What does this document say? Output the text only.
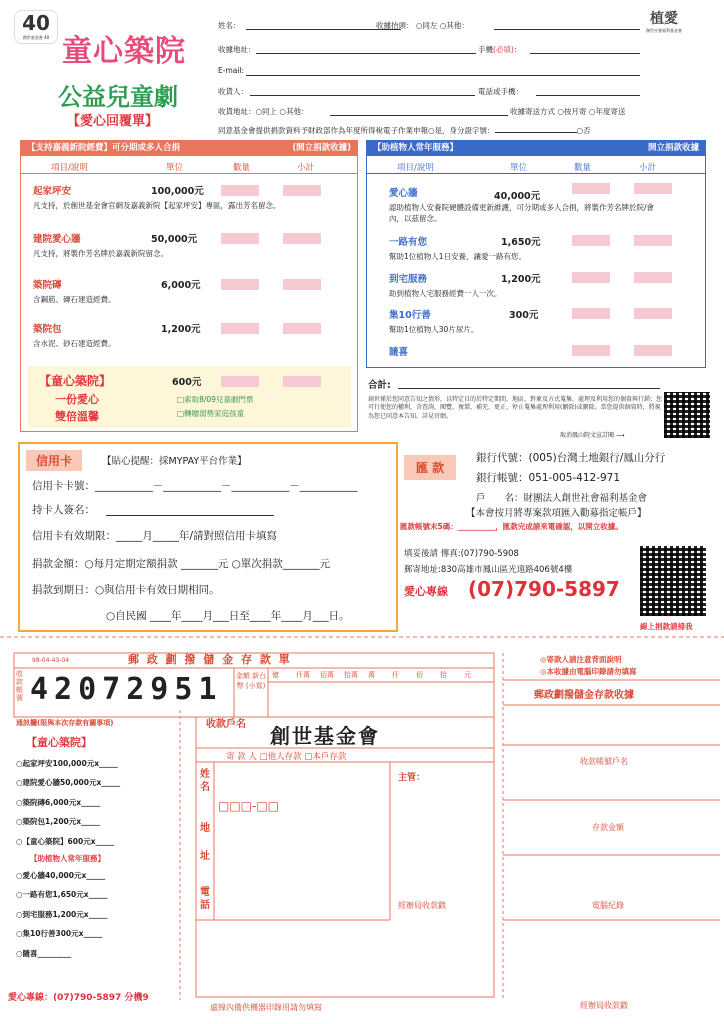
40
創世基金會 40 童心築院
公益兒童劇
【愛心回覆單】
姓名：	收據抬頭： ○同左 ○其他：
收據地址：	手機(必填)：
E-mail:
收貨人：	電話或手機：
收貨地址：○同上 ○其他：	收據寄送方式 ○按月寄 ○年度寄送
同意基金會提供捐款資料予財政部作為年度所得稅電子作業申報○是，身分證字號：	○否
植愛
創世社會福利基金會
【支持嘉義新院經費】可分期或多人合捐	(開立捐款收據)
項目/說明	單位	數量	小計
起家坪安	100,000元
凡支持，於創世基金會官網及嘉義新院【起家坪安】專區，露出芳名留念。
建院愛心牆	50,000元
凡支持，將製作芳名牌於嘉義新院留念。
築院磚	6,000元
含鋼筋、磚石建造經費。
築院包	1,200元
含水泥、砂石建造經費。
【童心築院】	600元
一份愛心
雙倍溫馨
□索取8/09兒童劇門票
□轉贈弱勢家庭孩童
【助植物人常年服務】	開立捐款收據
項目/說明	單位	數量	小計
愛心牆	40,000元
認助植物人安養院硬體設備更新維護，可分期或多人合捐，將製作芳名牌於院/會內，以茲留念。
一路有您	1,650元
幫助1位植物人1日安養，讓愛一路有您。
到宅服務	1,200元
助到植物人宅服務經費一人一次。
集10行善	300元
幫助1位植物人30片尿片。
隨喜
合計:
創世僅於您同意告知之情形，以特定目的於特定期間、地區、對象及方式蒐集、處理及利用您的個資與行銷；您可行使您的權利，含查詢、閱覽、複製、補充、更正、停止蒐集處理利用(刪除)或刪除。當您提供個資時，將視為您已同意本告知。詳見官網。
取消鳳山院文宣訂閱 ⟶
信用卡	【貼心提醒：採MYPAY平台作業】
信用卡卡號：___________－___________－___________－___________
持卡人簽名：
信用卡有效期限：_____月_____年/請對照信用卡填寫
捐款金額：○每月定期定額捐款 _______元 ○單次捐款_______元
捐款到期日：○與信用卡有效日期相同。
○自民國 ____年____月___日至____年____月___日。
匯 款
銀行代號：(005)台灣土地銀行/鳳山分行
銀行帳號：051-005-412-971
戶　　名：財團法人創世社會福利基金會
【本會按月將專案款項匯入勸募指定帳戶】
匯款帳號末5碼：__________，匯款完成請來電確認，以開立收據。
填妥後請 傳真:(07)790-5908
郵寄地址:830高雄市鳳山區光遠路406號4樓
愛心專線 (07)790-5897
線上捐款請掃我
98-04-43-04	郵 政 劃 撥 儲 金 存 款 單
收款帳號 42072951 金額 新台幣 (小寫)
億	仟萬	佰萬	拾萬	萬	仟	佰	拾	元
收款戶名 創世基金會
寄 款 人 □他人存款 □本戶存款
姓名
地址
電話
□□□-□□
主管：
經辦局收款戳
◎寄款人請注意背面說明
◎本收據由電腦印錄請勿填寫
郵政劃撥儲金存款收據
收款帳號戶名
存款金額
電腦紀錄
經辦局收款戳
虛線內備供機器印錄用請勿填寫
通訊欄(限與本次存款有關事項)
【童心築院】
○起家坪安100,000元x_____
○建院愛心牆50,000元x_____
○築院磚6,000元x_____
○築院包1,200元x_____
○【童心築院】600元x_____
【助植物人常年服務】
○愛心牆40,000元x_____
○一路有您1,650元x_____
○到宅服務1,200元x_____
○集10行善300元x_____
○隨喜_________
愛心專線：(07)790-5897 分機9
